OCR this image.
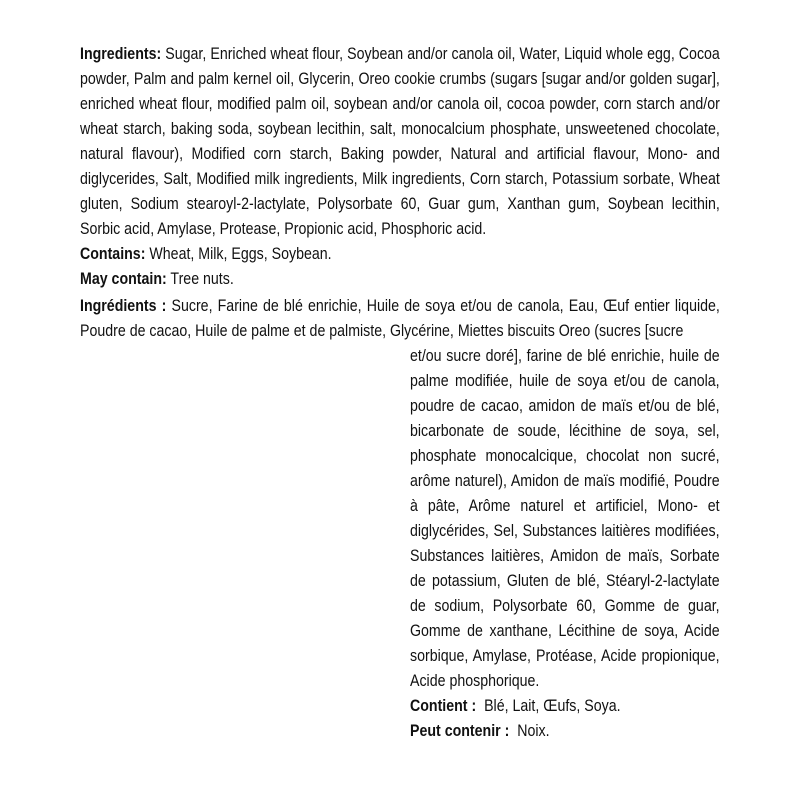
Ingredients: Sugar, Enriched wheat flour, Soybean and/or canola oil, Water, Liquid whole egg, Cocoa powder, Palm and palm kernel oil, Glycerin, Oreo cookie crumbs (sugars [sugar and/or golden sugar], enriched wheat flour, modified palm oil, soybean and/or canola oil, cocoa powder, corn starch and/or wheat starch, baking soda, soybean lecithin, salt, monocalcium phosphate, unsweetened chocolate, natural flavour), Modified corn starch, Baking powder, Natural and artificial flavour, Mono- and diglycerides, Salt, Modified milk ingredients, Milk ingredients, Corn starch, Potassium sorbate, Wheat gluten, Sodium stearoyl-2-lactylate, Polysorbate 60, Guar gum, Xanthan gum, Soybean lecithin, Sorbic acid, Amylase, Protease, Propionic acid, Phosphoric acid.
Contains: Wheat, Milk, Eggs, Soybean.
May contain: Tree nuts.
Ingrédients : Sucre, Farine de blé enrichie, Huile de soya et/ou de canola, Eau, Œuf entier liquide,
Poudre de cacao, Huile de palme et de palmiste, Glycérine, Miettes biscuits Oreo (sucres [sucre
et/ou sucre doré], farine de blé enrichie, huile de palme modifiée, huile de soya et/ou de canola, poudre de cacao, amidon de maïs et/ou de blé, bicarbonate de soude, lécithine de soya, sel, phosphate monocalcique, chocolat non sucré, arôme naturel), Amidon de maïs modifié, Poudre à pâte, Arôme naturel et artificiel, Mono- et diglycérides, Sel, Substances laitières modifiées, Substances laitières, Amidon de maïs, Sorbate de potassium, Gluten de blé, Stéaryl-2-lactylate de sodium, Polysorbate 60, Gomme de guar, Gomme de xanthane, Lécithine de soya, Acide sorbique, Amylase, Protéase, Acide propionique, Acide phosphorique.
Contient : Blé, Lait, Œufs, Soya.
Peut contenir : Noix.
